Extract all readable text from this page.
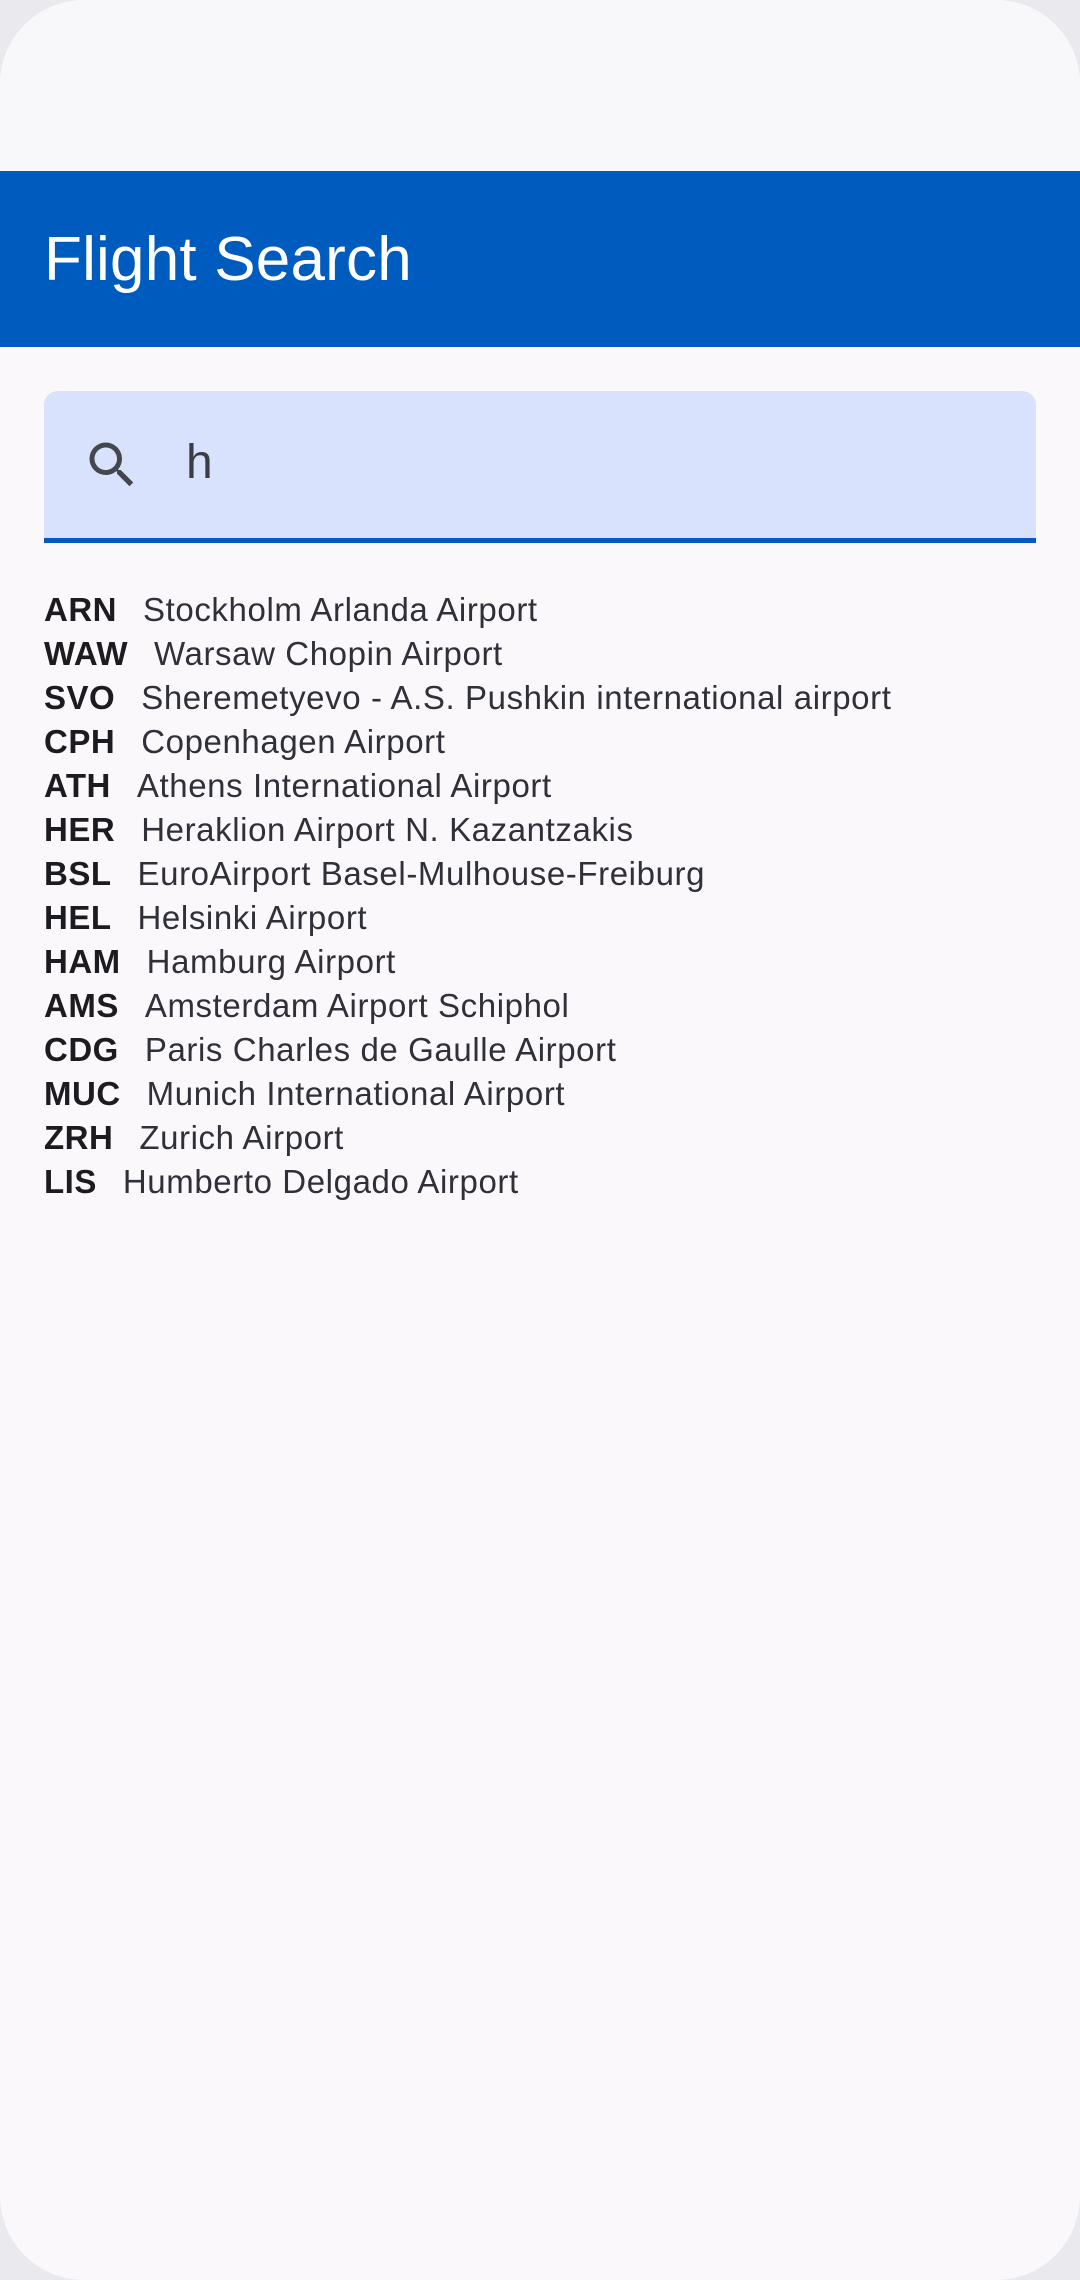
Flight Search
h
ARN Stockholm Arlanda Airport
WAW Warsaw Chopin Airport
SVO Sheremetyevo - A.S. Pushkin international airport
CPH Copenhagen Airport
ATH Athens International Airport
HER Heraklion Airport N. Kazantzakis
BSL EuroAirport Basel-Mulhouse-Freiburg
HEL Helsinki Airport
HAM Hamburg Airport
AMS Amsterdam Airport Schiphol
CDG Paris Charles de Gaulle Airport
MUC Munich International Airport
ZRH Zurich Airport
LIS Humberto Delgado Airport
